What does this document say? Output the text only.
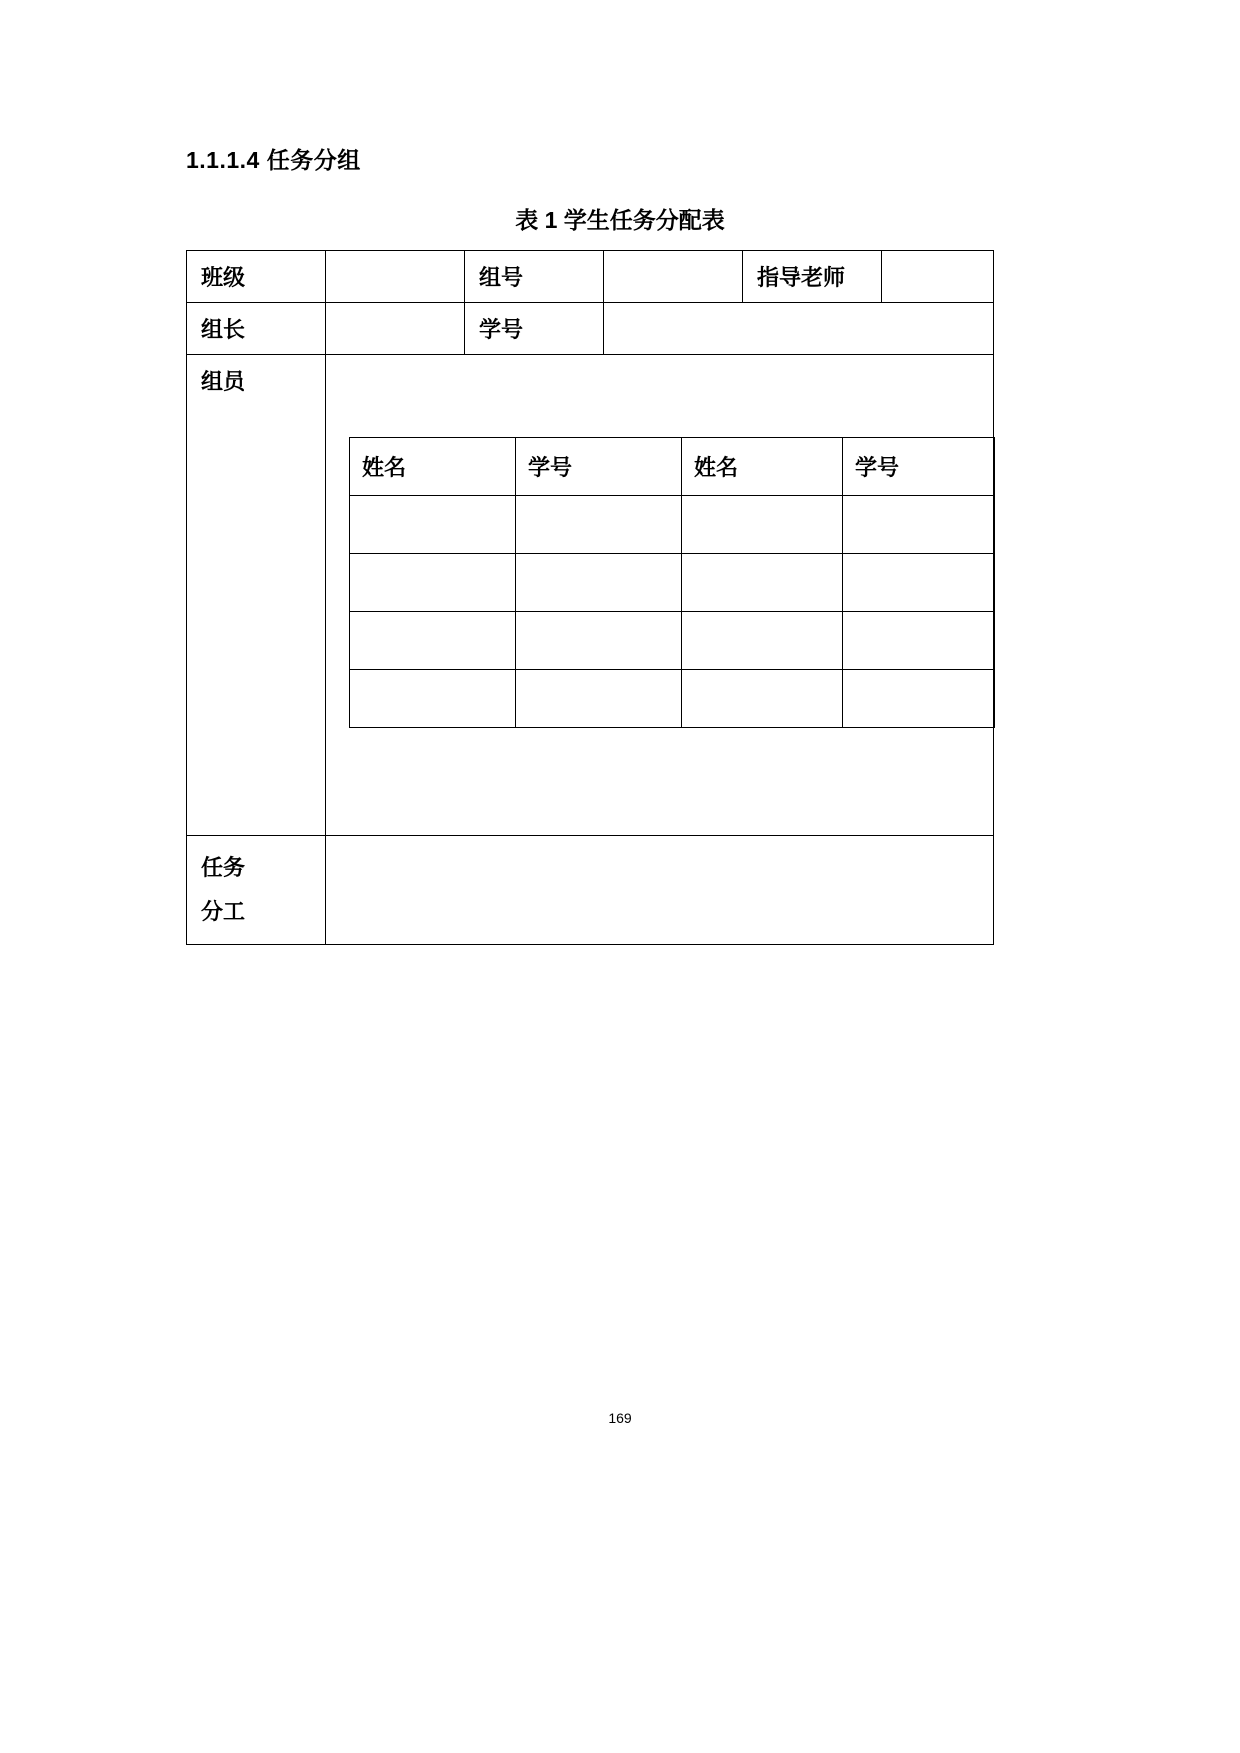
1.1.1.4 任务分组
表 1 学生任务分配表
班级		组号		指导老师	
组长		学号	
组员	
姓名	学号	姓名	学号

任务
分工

169
